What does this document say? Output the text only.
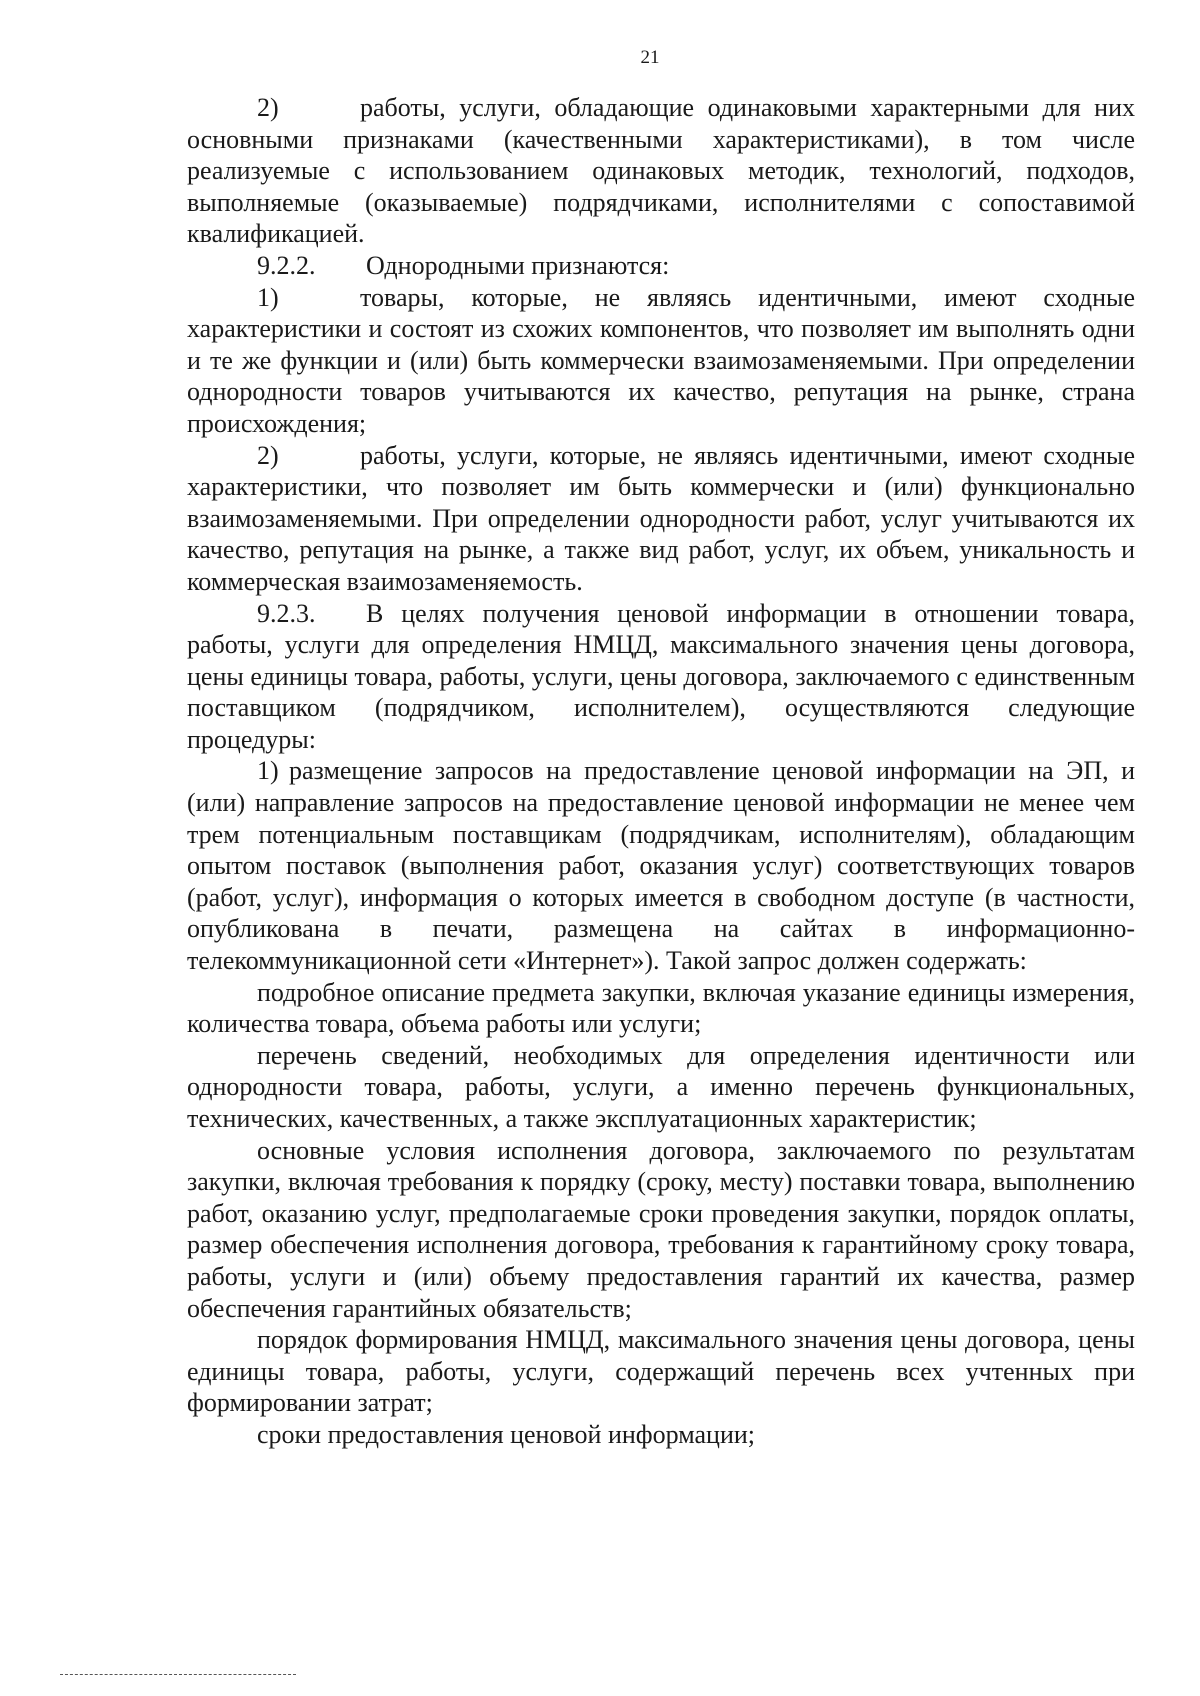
21

2)	работы, услуги, обладающие одинаковыми характерными для них основными признаками (качественными характеристиками), в том числе реализуемые с использованием одинаковых методик, технологий, подходов, выполняемые (оказываемые) подрядчиками, исполнителями с сопоставимой квалификацией.

9.2.2. Однородными признаются:

1)	товары, которые, не являясь идентичными, имеют сходные характеристики и состоят из схожих компонентов, что позволяет им выполнять одни и те же функции и (или) быть коммерчески взаимозаменяемыми. При определении однородности товаров учитываются их качество, репутация на рынке, страна происхождения;

2)	работы, услуги, которые, не являясь идентичными, имеют сходные характеристики, что позволяет им быть коммерчески и (или) функционально взаимозаменяемыми. При определении однородности работ, услуг учитываются их качество, репутация на рынке, а также вид работ, услуг, их объем, уникальность и коммерческая взаимозаменяемость.

9.2.3. В целях получения ценовой информации в отношении товара, работы, услуги для определения НМЦД, максимального значения цены договора, цены единицы товара, работы, услуги, цены договора, заключаемого с единственным поставщиком (подрядчиком, исполнителем), осуществляются следующие процедуры:

1) размещение запросов на предоставление ценовой информации на ЭП, и (или) направление запросов на предоставление ценовой информации не менее чем трем потенциальным поставщикам (подрядчикам, исполнителям), обладающим опытом поставок (выполнения работ, оказания услуг) соответствующих товаров (работ, услуг), информация о которых имеется в свободном доступе (в частности, опубликована в печати, размещена на сайтах в информационно-телекоммуникационной сети «Интернет»). Такой запрос должен содержать:

подробное описание предмета закупки, включая указание единицы измерения, количества товара, объема работы или услуги;

перечень сведений, необходимых для определения идентичности или однородности товара, работы, услуги, а именно перечень функциональных, технических, качественных, а также эксплуатационных характеристик;

основные условия исполнения договора, заключаемого по результатам закупки, включая требования к порядку (сроку, месту) поставки товара, выполнению работ, оказанию услуг, предполагаемые сроки проведения закупки, порядок оплаты, размер обеспечения исполнения договора, требования к гарантийному сроку товара, работы, услуги и (или) объему предоставления гарантий их качества, размер обеспечения гарантийных обязательств;

порядок формирования НМЦД, максимального значения цены договора, цены единицы товара, работы, услуги, содержащий перечень всех учтенных при формировании затрат;

сроки предоставления ценовой информации;
